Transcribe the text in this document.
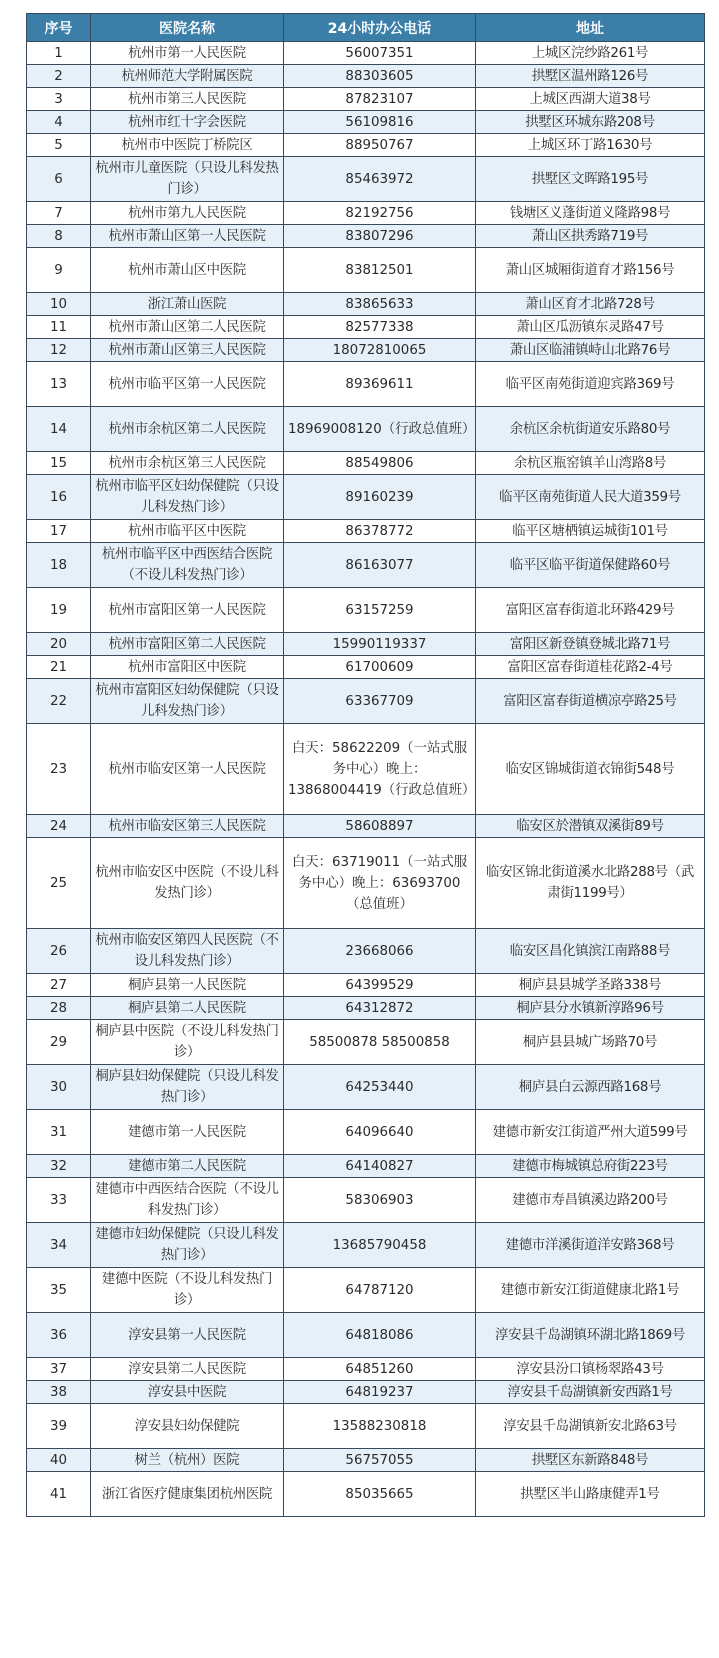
序号	医院名称	24小时办公电话	地址
1	杭州市第一人民医院	56007351	上城区浣纱路261号
2	杭州师范大学附属医院	88303605	拱墅区温州路126号
3	杭州市第三人民医院	87823107	上城区西湖大道38号
4	杭州市红十字会医院	56109816	拱墅区环城东路208号
5	杭州市中医院丁桥院区	88950767	上城区环丁路1630号
6	杭州市儿童医院（只设儿科发热门诊）	85463972	拱墅区文晖路195号
7	杭州市第九人民医院	82192756	钱塘区义蓬街道义隆路98号
8	杭州市萧山区第一人民医院	83807296	萧山区拱秀路719号
9	杭州市萧山区中医院	83812501	萧山区城厢街道育才路156号
10	浙江萧山医院	83865633	萧山区育才北路728号
11	杭州市萧山区第二人民医院	82577338	萧山区瓜沥镇东灵路47号
12	杭州市萧山区第三人民医院	18072810065	萧山区临浦镇峙山北路76号
13	杭州市临平区第一人民医院	89369611	临平区南苑街道迎宾路369号
14	杭州市余杭区第二人民医院	18969008120（行政总值班）	余杭区余杭街道安乐路80号
15	杭州市余杭区第三人民医院	88549806	余杭区瓶窑镇羊山湾路8号
16	杭州市临平区妇幼保健院（只设儿科发热门诊）	89160239	临平区南苑街道人民大道359号
17	杭州市临平区中医院	86378772	临平区塘栖镇运城街101号
18	杭州市临平区中西医结合医院（不设儿科发热门诊）	86163077	临平区临平街道保健路60号
19	杭州市富阳区第一人民医院	63157259	富阳区富春街道北环路429号
20	杭州市富阳区第二人民医院	15990119337	富阳区新登镇登城北路71号
21	杭州市富阳区中医院	61700609	富阳区富春街道桂花路2-4号
22	杭州市富阳区妇幼保健院（只设儿科发热门诊）	63367709	富阳区富春街道横凉亭路25号
23	杭州市临安区第一人民医院	白天：58622209（一站式服务中心）晚上：13868004419（行政总值班）	临安区锦城街道衣锦街548号
24	杭州市临安区第三人民医院	58608897	临安区於潜镇双溪街89号
25	杭州市临安区中医院（不设儿科发热门诊）	白天：63719011（一站式服务中心）晚上：63693700（总值班）	临安区锦北街道溪水北路288号（武肃街1199号）
26	杭州市临安区第四人民医院（不设儿科发热门诊）	23668066	临安区昌化镇滨江南路88号
27	桐庐县第一人民医院	64399529	桐庐县县城学圣路338号
28	桐庐县第二人民医院	64312872	桐庐县分水镇新淳路96号
29	桐庐县中医院（不设儿科发热门诊）	58500878 58500858	桐庐县县城广场路70号
30	桐庐县妇幼保健院（只设儿科发热门诊）	64253440	桐庐县白云源西路168号
31	建德市第一人民医院	64096640	建德市新安江街道严州大道599号
32	建德市第二人民医院	64140827	建德市梅城镇总府街223号
33	建德市中西医结合医院（不设儿科发热门诊）	58306903	建德市寿昌镇溪边路200号
34	建德市妇幼保健院（只设儿科发热门诊）	13685790458	建德市洋溪街道洋安路368号
35	建德中医院（不设儿科发热门诊）	64787120	建德市新安江街道健康北路1号
36	淳安县第一人民医院	64818086	淳安县千岛湖镇环湖北路1869号
37	淳安县第二人民医院	64851260	淳安县汾口镇杨翠路43号
38	淳安县中医院	64819237	淳安县千岛湖镇新安西路1号
39	淳安县妇幼保健院	13588230818	淳安县千岛湖镇新安北路63号
40	树兰（杭州）医院	56757055	拱墅区东新路848号
41	浙江省医疗健康集团杭州医院	85035665	拱墅区半山路康健弄1号
